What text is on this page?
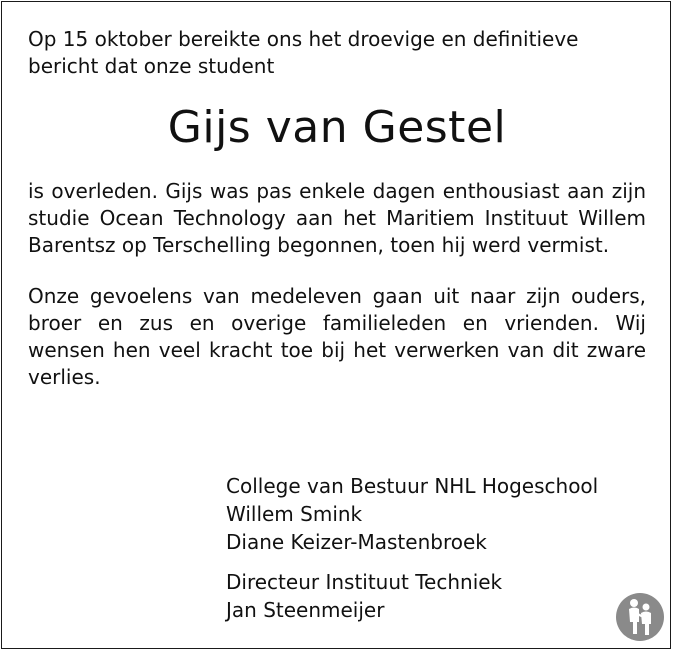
Op 15 oktober bereikte ons het droevige en definitieve
bericht dat onze student

Gijs van Gestel

is overleden. Gijs was pas enkele dagen enthousiast aan zijn studie Ocean Technology aan het Maritiem Instituut Willem Barentsz op Terschelling begonnen, toen hij werd vermist.

Onze gevoelens van medeleven gaan uit naar zijn ouders, broer en zus en overige familieleden en vrienden. Wij wensen hen veel kracht toe bij het verwerken van dit zware verlies.

College van Bestuur NHL Hogeschool
Willem Smink
Diane Keizer-Mastenbroek
Directeur Instituut Techniek
Jan Steenmeijer
